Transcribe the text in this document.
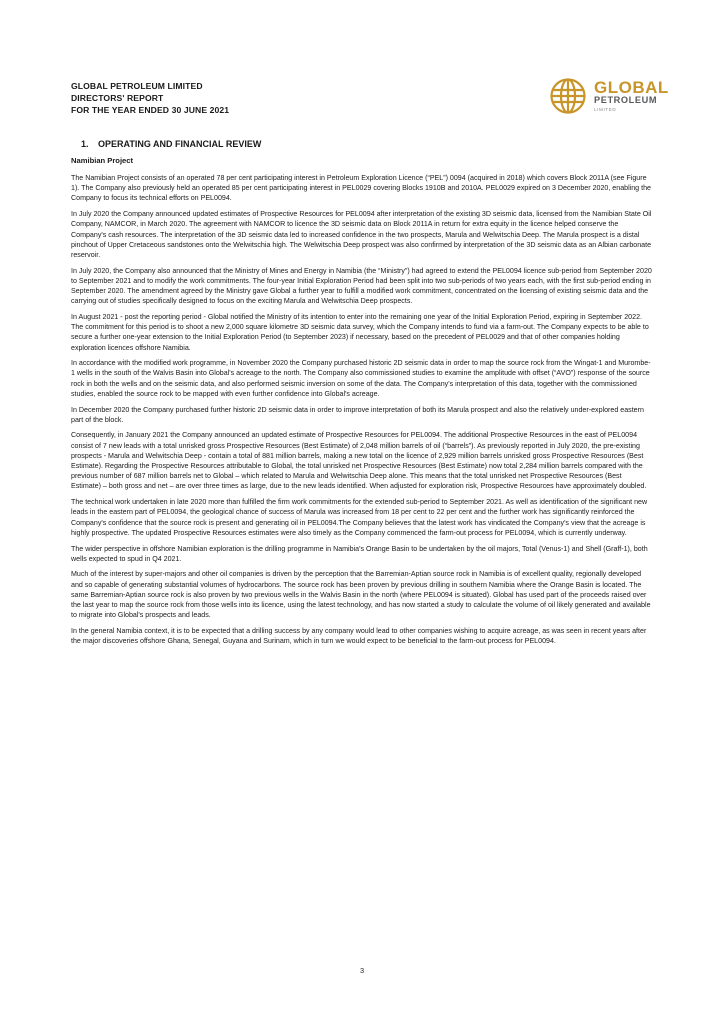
GLOBAL PETROLEUM LIMITED
DIRECTORS' REPORT
FOR THE YEAR ENDED 30 JUNE 2021
GLOBAL
PETROLEUM
LIMITED
1. OPERATING AND FINANCIAL REVIEW
Namibian Project

The Namibian Project consists of an operated 78 per cent participating interest in Petroleum Exploration Licence (“PEL”) 0094 (acquired in 2018) which covers Block 2011A (see Figure 1). The Company also previously held an operated 85 per cent participating interest in PEL0029 covering Blocks 1910B and 2010A. PEL0029 expired on 3 December 2020, enabling the Company to focus its technical efforts on PEL0094.

In July 2020 the Company announced updated estimates of Prospective Resources for PEL0094 after interpretation of the existing 3D seismic data, licensed from the Namibian State Oil Company, NAMCOR, in March 2020. The agreement with NAMCOR to licence the 3D seismic data on Block 2011A in return for extra equity in the licence helped conserve the Company's cash resources. The interpretation of the 3D seismic data led to increased confidence in the two prospects, Marula and Welwitschia Deep. The Marula prospect is a distal pinchout of Upper Cretaceous sandstones onto the Welwitschia high. The Welwitschia Deep prospect was also confirmed by interpretation of the 3D seismic data as an Albian carbonate reservoir.

In July 2020, the Company also announced that the Ministry of Mines and Energy in Namibia (the “Ministry”) had agreed to extend the PEL0094 licence sub-period from September 2020 to September 2021 and to modify the work commitments. The four-year Initial Exploration Period had been split into two sub-periods of two years each, with the first sub-period ending in September 2020. The amendment agreed by the Ministry gave Global a further year to fulfill a modified work commitment, concentrated on the licensing of existing seismic data and the carrying out of studies specifically designed to focus on the exciting Marula and Welwitschia Deep prospects.

In August 2021 - post the reporting period - Global notified the Ministry of its intention to enter into the remaining one year of the Initial Exploration Period, expiring in September 2022. The commitment for this period is to shoot a new 2,000 square kilometre 3D seismic data survey, which the Company intends to fund via a farm-out. The Company expects to be able to secure a further one-year extension to the Initial Exploration Period (to September 2023) if necessary, based on the precedent of PEL0029 and that of other companies holding exploration licences offshore Namibia.

In accordance with the modified work programme, in November 2020 the Company purchased historic 2D seismic data in order to map the source rock from the Wingat-1 and Murombe-1 wells in the south of the Walvis Basin into Global's acreage to the north. The Company also commissioned studies to examine the amplitude with offset (“AVO”) response of the source rock in both the wells and on the seismic data, and also performed seismic inversion on some of the data. The Company's interpretation of this data, together with the commissioned studies, enabled the source rock to be mapped with even further confidence into Global's acreage.

In December 2020 the Company purchased further historic 2D seismic data in order to improve interpretation of both its Marula prospect and also the relatively under-explored eastern part of the block.

Consequently, in January 2021 the Company announced an updated estimate of Prospective Resources for PEL0094. The additional Prospective Resources in the east of PEL0094 consist of 7 new leads with a total unrisked gross Prospective Resources (Best Estimate) of 2,048 million barrels of oil (“barrels”). As previously reported in July 2020, the pre-existing prospects - Marula and Welwitschia Deep - contain a total of 881 million barrels, making a new total on the licence of 2,929 million barrels unrisked gross Prospective Resources (Best Estimate). Regarding the Prospective Resources attributable to Global, the total unrisked net Prospective Resources (Best Estimate) now total 2,284 million barrels compared with the previous number of 687 million barrels net to Global – which related to Marula and Welwitschia Deep alone. This means that the total unrisked net Prospective Resources (Best Estimate) – both gross and net – are over three times as large, due to the new leads identified. When adjusted for exploration risk, Prospective Resources have approximately doubled.

The technical work undertaken in late 2020 more than fulfilled the firm work commitments for the extended sub-period to September 2021. As well as identification of the significant new leads in the eastern part of PEL0094, the geological chance of success of Marula was increased from 18 per cent to 22 per cent and the further work has significantly reinforced the Company's confidence that the source rock is present and generating oil in PEL0094.The Company believes that the latest work has vindicated the Company's view that the acreage is highly prospective. The updated Prospective Resources estimates were also timely as the Company commenced the farm-out process for PEL0094, which is currently underway.

The wider perspective in offshore Namibian exploration is the drilling programme in Namibia's Orange Basin to be undertaken by the oil majors, Total (Venus-1) and Shell (Graff-1), both wells expected to spud in Q4 2021.

Much of the interest by super-majors and other oil companies is driven by the perception that the Barremian-Aptian source rock in Namibia is of excellent quality, regionally developed and so capable of generating substantial volumes of hydrocarbons. The source rock has been proven by previous drilling in southern Namibia where the Orange Basin is located. The same Barremian-Aptian source rock is also proven by two previous wells in the Walvis Basin in the north (where PEL0094 is situated). Global has used part of the proceeds raised over the last year to map the source rock from those wells into its licence, using the latest technology, and has now started a study to calculate the volume of oil likely generated and available to migrate into Global's prospects and leads.

In the general Namibia context, it is to be expected that a drilling success by any company would lead to other companies wishing to acquire acreage, as was seen in recent years after the major discoveries offshore Ghana, Senegal, Guyana and Surinam, which in turn we would expect to be beneficial to the farm-out process for PEL0094.

3
